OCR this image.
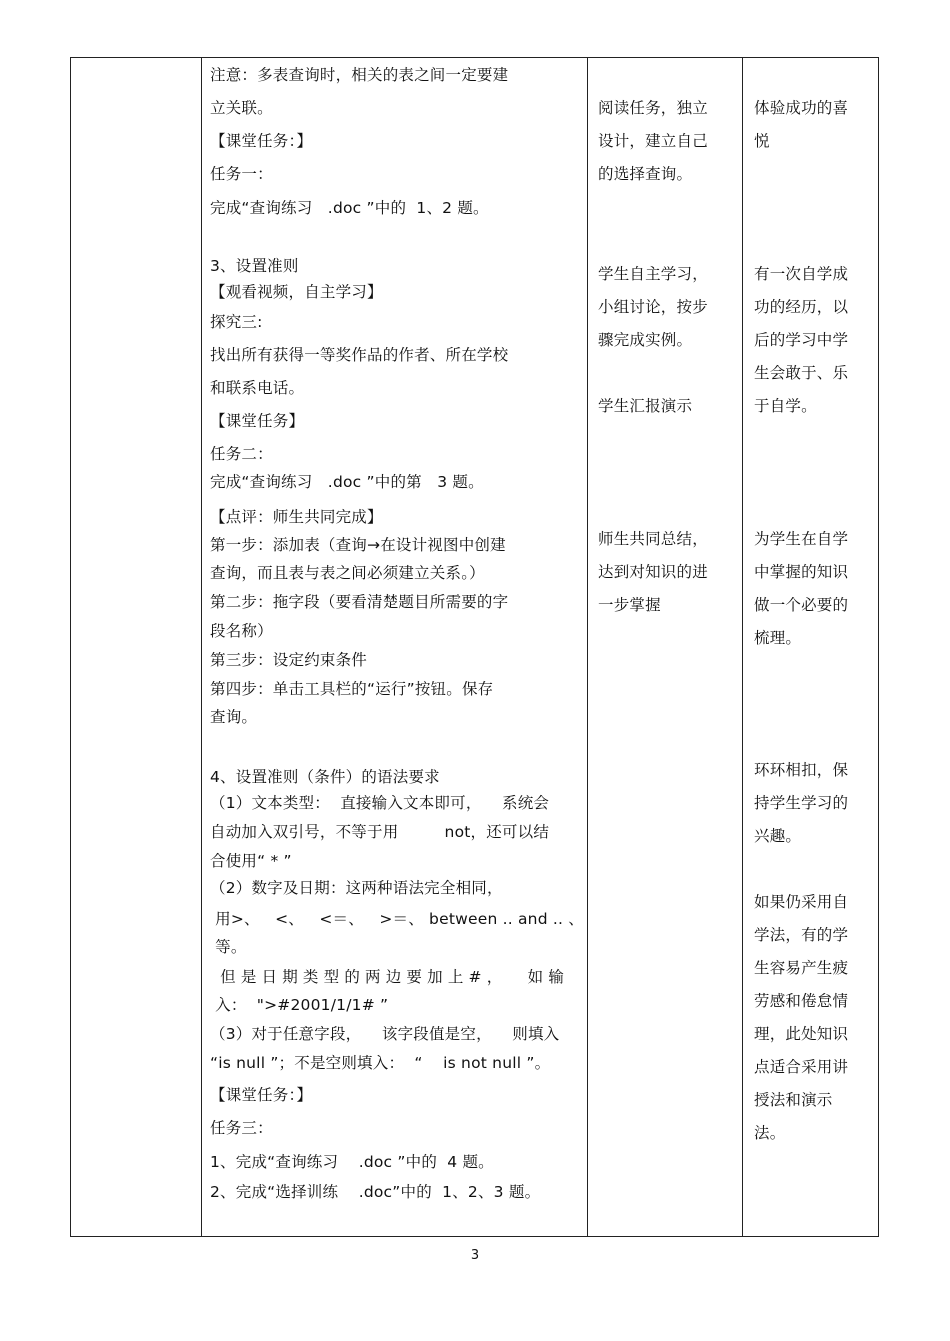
注意：多表查询时，相关的表之间一定要建
立关联。
【课堂任务：】
任务一：
完成“查询练习   .doc ”中的  1、2 题。
3、设置准则
【观看视频，自主学习】
探究三:
找出所有获得一等奖作品的作者、所在学校
和联系电话。
【课堂任务】
任务二：
完成“查询练习   .doc ”中的第   3 题。
【点评：师生共同完成】
第一步：添加表（查询→在设计视图中创建
查询，而且表与表之间必须建立关系。）
第二步：拖字段（要看清楚题目所需要的字
段名称）
第三步：设定约束条件
第四步：单击工具栏的“运行”按钮。保存
查询。
4、设置准则（条件）的语法要求
（1）文本类型：  直接输入文本即可，    系统会
自动加入双引号，不等于用         not，还可以结
合使用“ * ”
（2）数字及日期：这两种语法完全相同，
用>、   <、   <＝、   >＝、 between .. and .. 、
等。
但是日期类型的两边要加上#，  如输
入：  ">#2001/1/1# ”
（3）对于任意字段，    该字段值是空，    则填入
“is null ”；不是空则填入：  “    is not null ”。
【课堂任务：】
任务三：
1、完成“查询练习    .doc ”中的  4 题。
2、完成“选择训练    .doc”中的  1、2、3 题。
阅读任务，独立
设计，建立自己
的选择查询。
学生自主学习，
小组讨论，按步
骤完成实例。
学生汇报演示
师生共同总结，
达到对知识的进
一步掌握
体验成功的喜
悦
有一次自学成
功的经历，以
后的学习中学
生会敢于、乐
于自学。
为学生在自学
中掌握的知识
做一个必要的
梳理。
环环相扣，保
持学生学习的
兴趣。
如果仍采用自
学法，有的学
生容易产生疲
劳感和倦怠情
理，此处知识
点适合采用讲
授法和演示
法。
3
